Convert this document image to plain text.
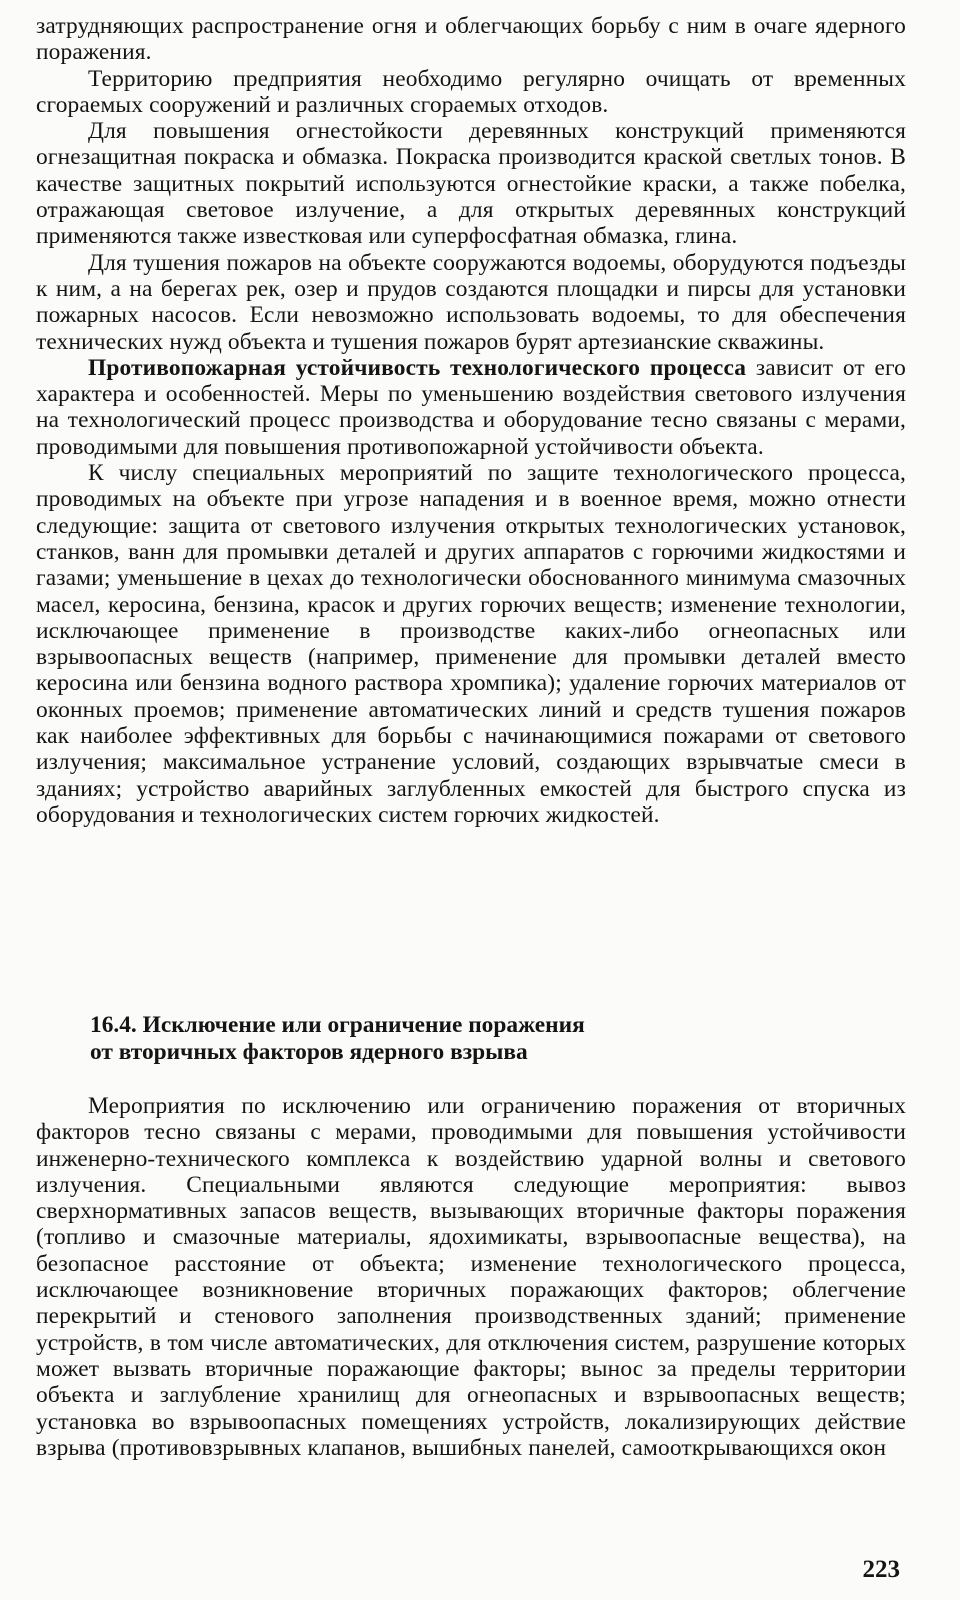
затрудняющих распространение огня и облегчающих борьбу с ним в очаге ядерного поражения.

Территорию предприятия необходимо регулярно очищать от временных сгораемых сооружений и различных сгораемых отходов.

Для повышения огнестойкости деревянных конструкций применяются огнезащитная покраска и обмазка. Покраска производится краской светлых тонов. В качестве защитных покрытий используются огнестойкие краски, а также побелка, отражающая световое излучение, а для открытых деревянных конструкций применяются также известковая или суперфосфатная обмазка, глина.

Для тушения пожаров на объекте сооружаются водоемы, оборудуются подъезды к ним, а на берегах рек, озер и прудов создаются площадки и пирсы для установки пожарных насосов. Если невозможно использовать водоемы, то для обеспечения технических нужд объекта и тушения пожаров бурят артезианские скважины.

Противопожарная устойчивость технологического процесса зависит от его характера и особенностей. Меры по уменьшению воздействия светового излучения на технологический процесс производства и оборудование тесно связаны с мерами, проводимыми для повышения противопожарной устойчивости объекта.

К числу специальных мероприятий по защите технологического процесса, проводимых на объекте при угрозе нападения и в военное время, можно отнести следующие: защита от светового излучения открытых технологических установок, станков, ванн для промывки деталей и других аппаратов с горючими жидкостями и газами; уменьшение в цехах до технологически обоснованного минимума смазочных масел, керосина, бензина, красок и других горючих веществ; изменение технологии, исключающее применение в производстве каких-либо огнеопасных или взрывоопасных веществ (например, применение для промывки деталей вместо керосина или бензина водного раствора хромпика); удаление горючих материалов от оконных проемов; применение автоматических линий и средств тушения пожаров как наиболее эффективных для борьбы с начинающимися пожарами от светового излучения; максимальное устранение условий, создающих взрывчатые смеси в зданиях; устройство аварийных заглубленных емкостей для быстрого спуска из оборудования и технологических систем горючих жидкостей.

16.4. Исключение или ограничение поражения
от вторичных факторов ядерного взрыва

Мероприятия по исключению или ограничению поражения от вторичных факторов тесно связаны с мерами, проводимыми для повышения устойчивости инженерно-технического комплекса к воздействию ударной волны и светового излучения. Специальными являются следующие мероприятия: вывоз сверхнормативных запасов веществ, вызывающих вторичные факторы поражения (топливо и смазочные материалы, ядохимикаты, взрывоопасные вещества), на безопасное расстояние от объекта; изменение технологического процесса, исключающее возникновение вторичных поражающих факторов; облегчение перекрытий и стенового заполнения производственных зданий; применение устройств, в том числе автоматических, для отключения систем, разрушение которых может вызвать вторичные поражающие факторы; вынос за пределы территории объекта и заглубление хранилищ для огнеопасных и взрывоопасных веществ; установка во взрывоопасных помещениях устройств, локализирующих действие взрыва (противовзрывных клапанов, вышибных панелей, самооткрывающихся окон

223
